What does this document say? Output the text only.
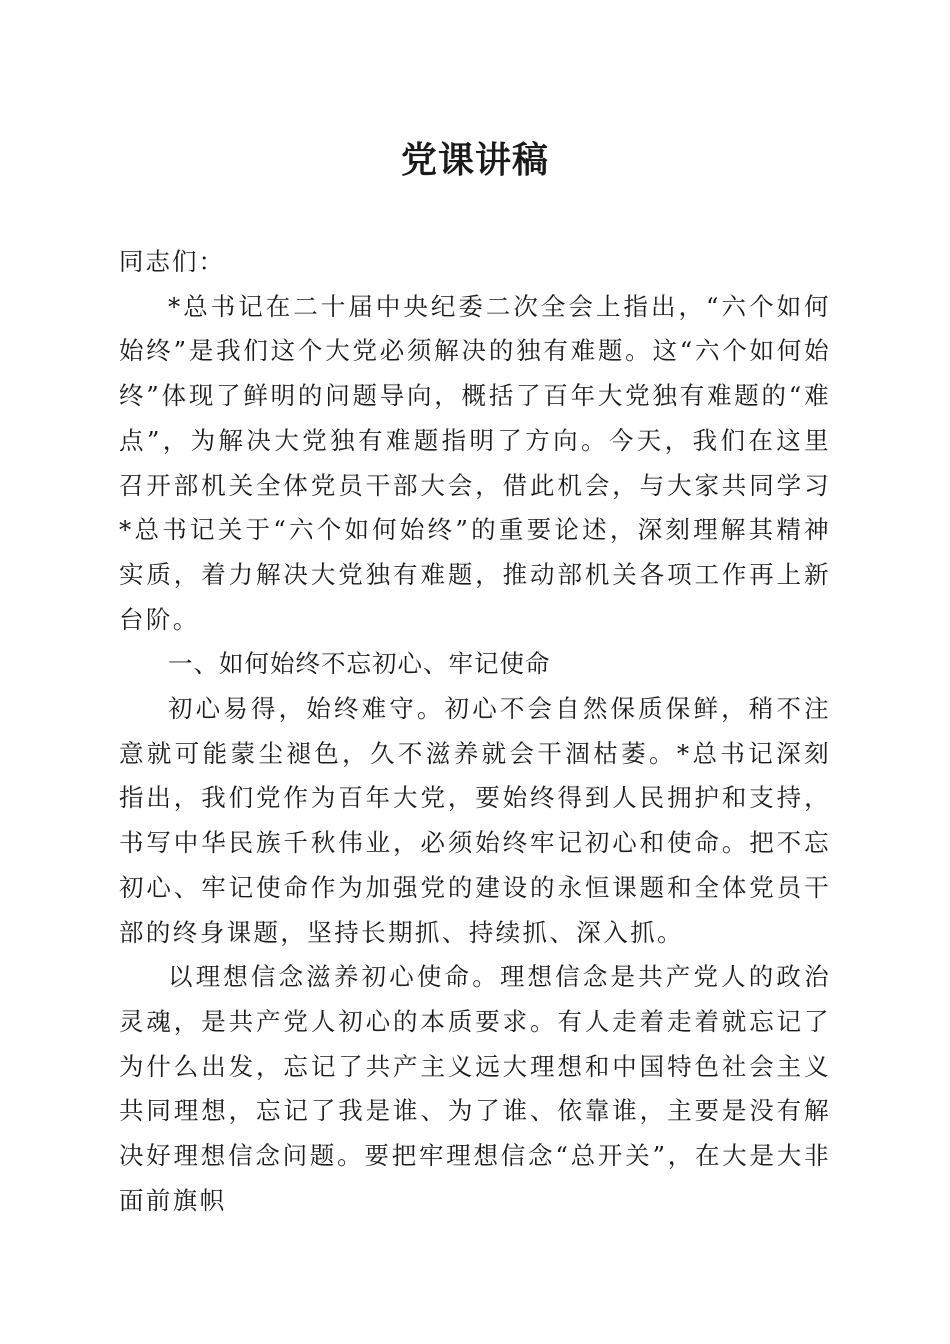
党课讲稿

同志们：

*总书记在二十届中央纪委二次全会上指出，“六个如何始终”是我们这个大党必须解决的独有难题。这“六个如何始终”体现了鲜明的问题导向，概括了百年大党独有难题的“难点”，为解决大党独有难题指明了方向。今天，我们在这里召开部机关全体党员干部大会，借此机会，与大家共同学习*总书记关于“六个如何始终”的重要论述，深刻理解其精神实质，着力解决大党独有难题，推动部机关各项工作再上新台阶。

一、如何始终不忘初心、牢记使命

初心易得，始终难守。初心不会自然保质保鲜，稍不注意就可能蒙尘褪色，久不滋养就会干涸枯萎。*总书记深刻指出，我们党作为百年大党，要始终得到人民拥护和支持，书写中华民族千秋伟业，必须始终牢记初心和使命。把不忘初心、牢记使命作为加强党的建设的永恒课题和全体党员干部的终身课题，坚持长期抓、持续抓、深入抓。

以理想信念滋养初心使命。理想信念是共产党人的政治灵魂，是共产党人初心的本质要求。有人走着走着就忘记了为什么出发，忘记了共产主义远大理想和中国特色社会主义共同理想，忘记了我是谁、为了谁、依靠谁，主要是没有解决好理想信念问题。要把牢理想信念“总开关”，在大是大非面前旗帜
